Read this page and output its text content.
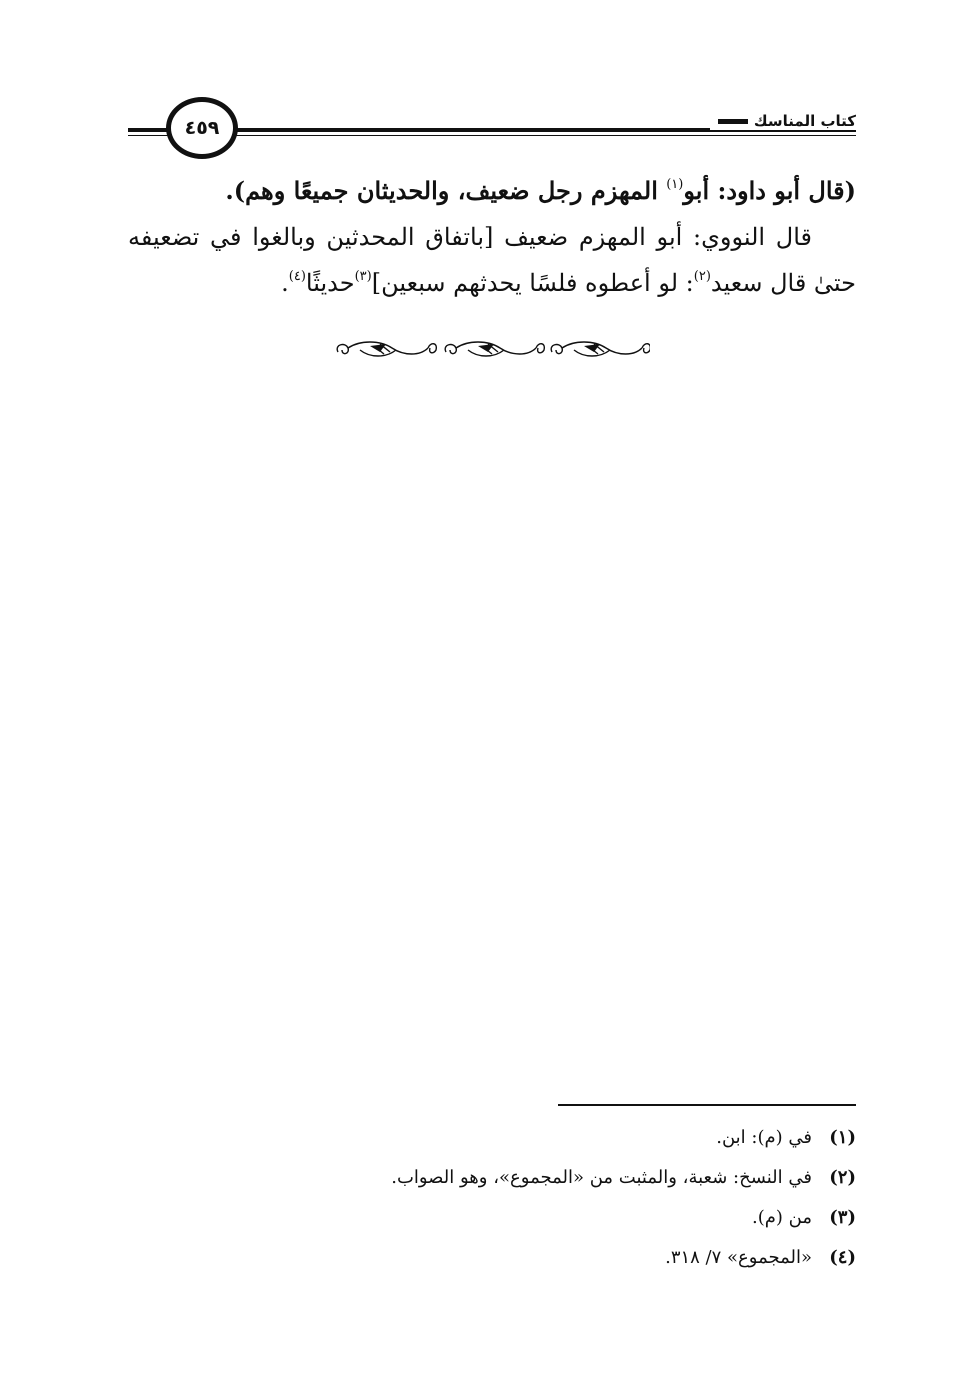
كتاب المناسك
٤٥٩

(قال أبو داود: أبو$^{(١)}$ المهزم رجل ضعيف، والحديثان جميعًا وهم).

قال النووي: أبو المهزم ضعيف [باتفاق المحدثين وبالغوا في تضعيفه حتىٰ قال سعيد$^{(٢)}$: لو أعطوه فلسًا يحدثهم سبعين]$^{(٣)}$حديثًا$^{(٤)}$.

(١)
في (م): ابن.
(٢)
في النسخ: شعبة، والمثبت من «المجموع»، وهو الصواب.
(٣)
من (م).
(٤)
«المجموع» ٧/ ٣١٨.
